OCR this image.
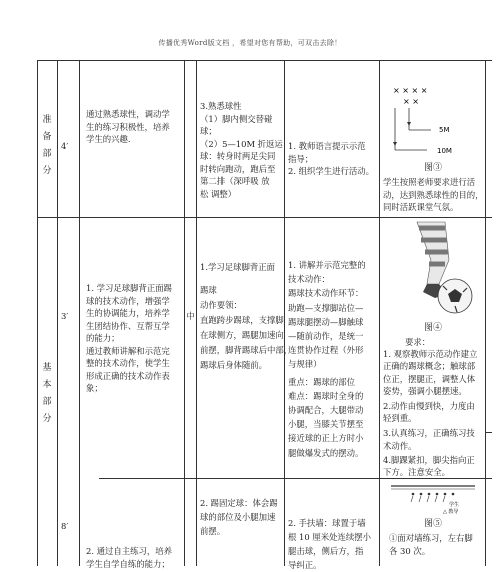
传播优秀Word版文档 ，希望对您有帮助，可双击去除！
准
备
部
分
4′
通过熟悉球性，调动学
生的练习积极性，培养
学生的兴趣.
3.熟悉球性
（1）脚内侧交替碰
球；
（2）5—10M 折返运
球：转身时两足尖同
时转向跑动，跑后至
第二排（深呼吸 放
松 调整）
1. 教师语言提示示范
指导；
2. 组织学生进行活动。
× × × ×
× ×
5M
10M
图③
学生按照老师要求进行活
动，达到熟悉球性的目的，
同时活跃课堂气氛。
基
本
部
分
3′	中
1. 学习足球脚背正面踢
球的技术动作，增强学
生的协调能力，培养学
生团结协作、互帮互学
的能力；
通过教师讲解和示范完
整的技术动作，使学生
形成正确的技术动作表
象；
1.学习足球脚背正面
踢球
动作要领：
直跑跨步踢球，支撑脚
在球侧方，踢腿加速向
前摆，脚背踢球后中部，
踢球后身体随前。
1. 讲解并示范完整的
技术动作：
踢球技术动作环节：
助跑—支撑脚站位—
踢球腿摆动—脚触球
—随前动作，是统一
连贯协作过程（外形
与规律）
重点：踢球的部位
难点：踢球时全身的
协调配合，大腿带动
小腿，当膝关节摆至
接近球的正上方时小
腿做爆发式的摆动。
图④
要求：
1. 观察教师示范动作建立
正确的踢球概念；触球部
位正，摆腿正，调整人体
姿势，强调小腿摆速。
2.动作由慢到快，力度由
轻到重。
3.认真练习，正确练习技
术动作。
4.脚踝紧扣，脚尖指向正
下方。注意安全。
8′
2. 通过自主练习，培养
学生自学自练的能力；
2. 踢固定球：体会踢
球的部位及小腿加速
前摆。
2. 手扶墙：球置于墙
根 10 厘米处连续摆小
腿击球，侧后方，指
导纠正。
学生
△ 教导
图⑤
①面对墙练习，左右脚
各 30 次。
